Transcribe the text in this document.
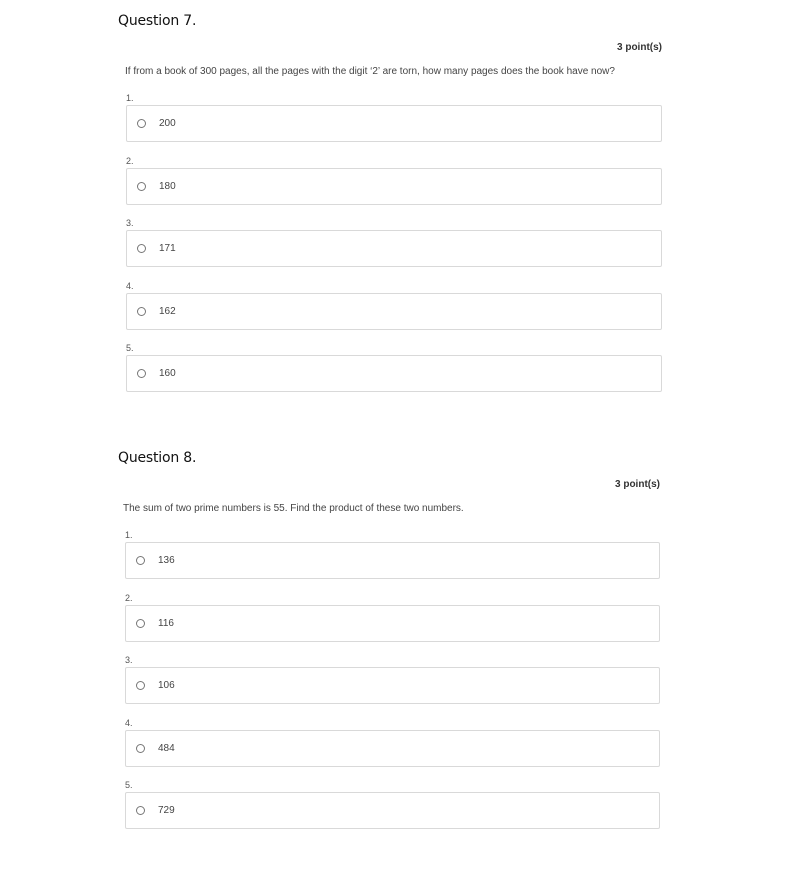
Question 7.
3 point(s)
If from a book of 300 pages, all the pages with the digit ‘2’ are torn, how many pages does the book have now?
1.
200
2.
180
3.
171
4.
162
5.
160
Question 8.
3 point(s)
The sum of two prime numbers is 55. Find the product of these two numbers.
1.
136
2.
116
3.
106
4.
484
5.
729
